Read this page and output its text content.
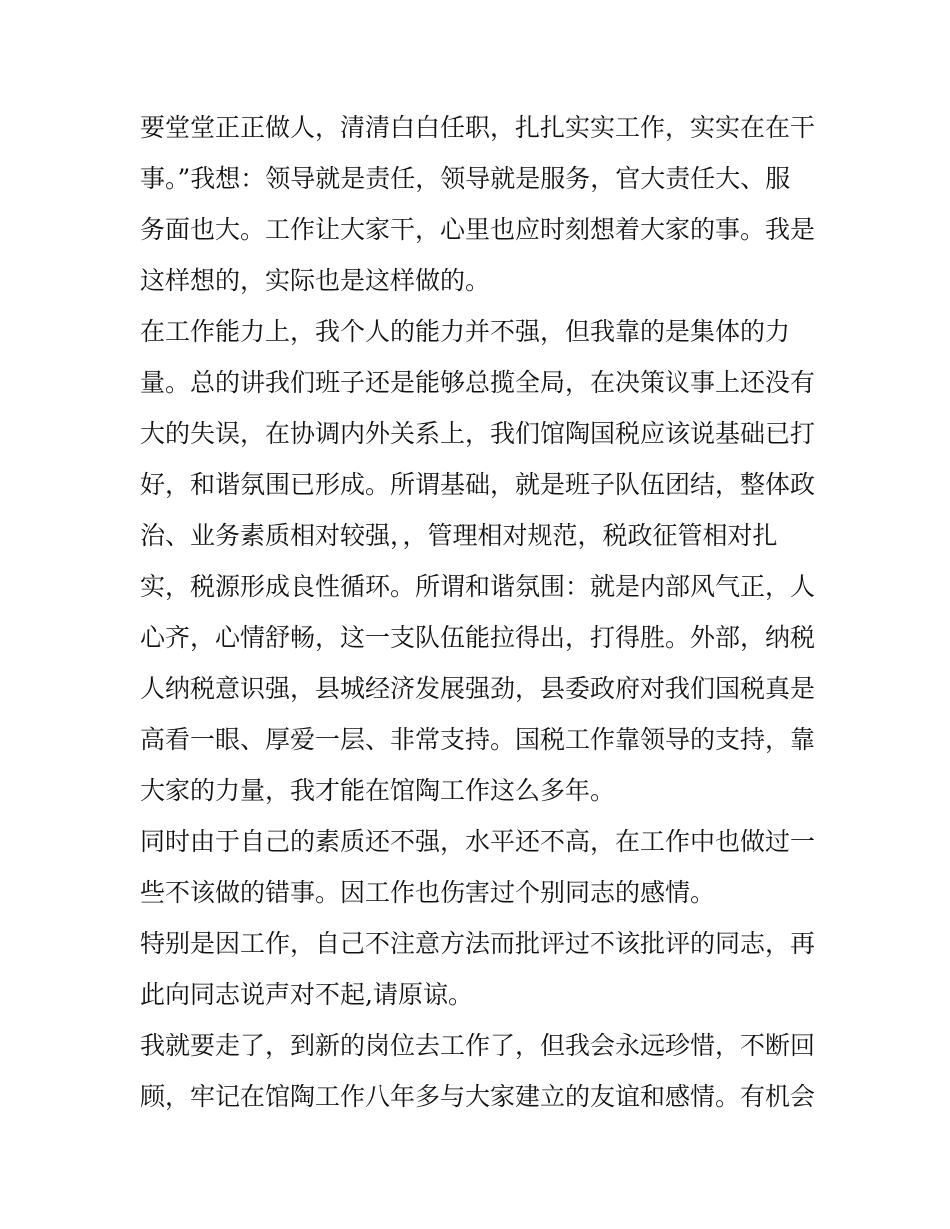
要堂堂正正做人，清清白白任职，扎扎实实工作，实实在在干
事。”我想：领导就是责任，领导就是服务，官大责任大、服
务面也大。工作让大家干，心里也应时刻想着大家的事。我是
这样想的，实际也是这样做的。
在工作能力上，我个人的能力并不强，但我靠的是集体的力
量。总的讲我们班子还是能够总揽全局，在决策议事上还没有
大的失误，在协调内外关系上，我们馆陶国税应该说基础已打
好，和谐氛围已形成。所谓基础，就是班子队伍团结，整体政
治、业务素质相对较强，，管理相对规范，税政征管相对扎
实，税源形成良性循环。所谓和谐氛围：就是内部风气正，人
心齐，心情舒畅，这一支队伍能拉得出，打得胜。外部，纳税
人纳税意识强，县城经济发展强劲，县委政府对我们国税真是
高看一眼、厚爱一层、非常支持。国税工作靠领导的支持，靠
大家的力量，我才能在馆陶工作这么多年。
同时由于自己的素质还不强，水平还不高，在工作中也做过一
些不该做的错事。因工作也伤害过个别同志的感情。
特别是因工作，自己不注意方法而批评过不该批评的同志，再
此向同志说声对不起,请原谅。
我就要走了，到新的岗位去工作了，但我会永远珍惜，不断回
顾，牢记在馆陶工作八年多与大家建立的友谊和感情。有机会
